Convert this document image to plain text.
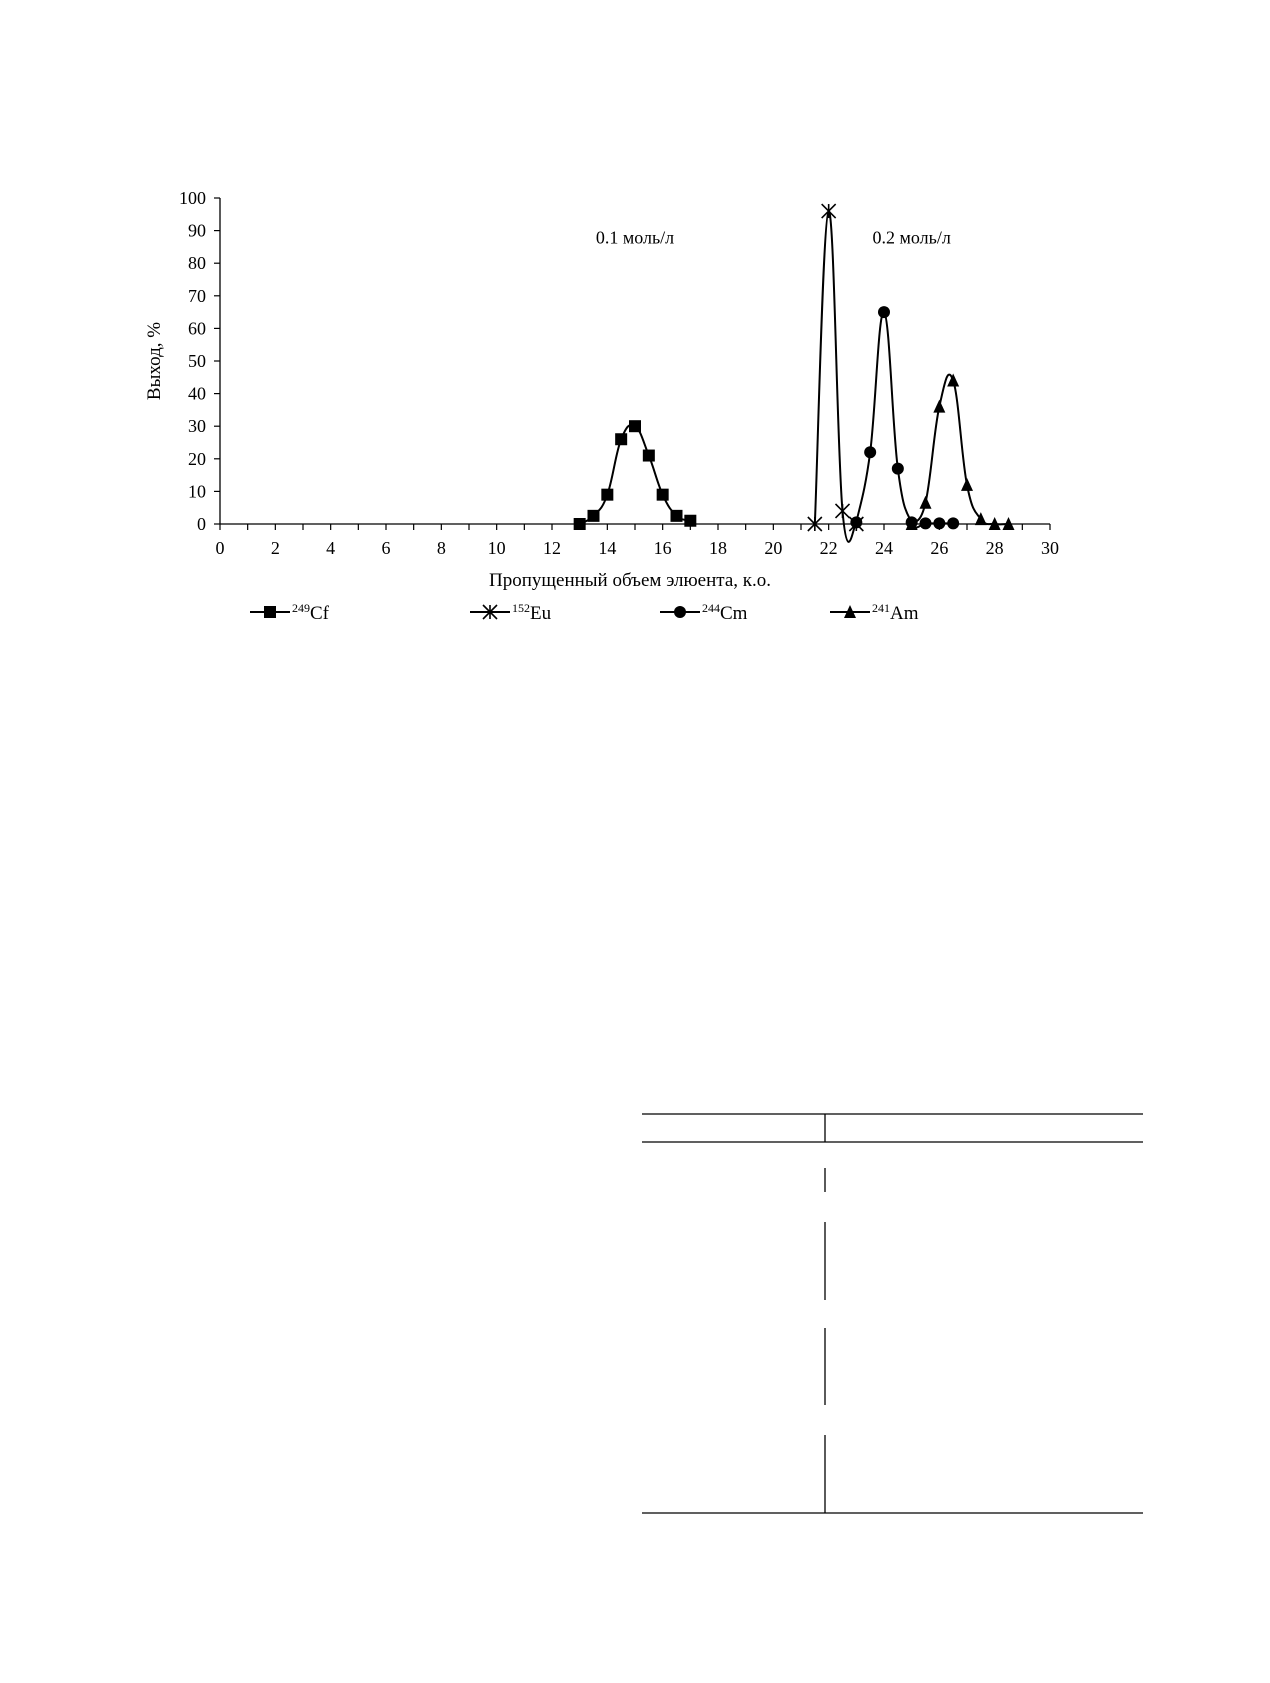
0
10
20
30
40
50
60
70
80
90
100
0	2	4	6	8 10 12 14 16 18 20 22 24 26 28 30
0.1 моль/л	0.2 моль/л
Пропущенный объем элюента, к.о.
Выход, %
$^{249}$Cf	$^{152}$Eu	$^{244}$Cm	$^{241}$Am
